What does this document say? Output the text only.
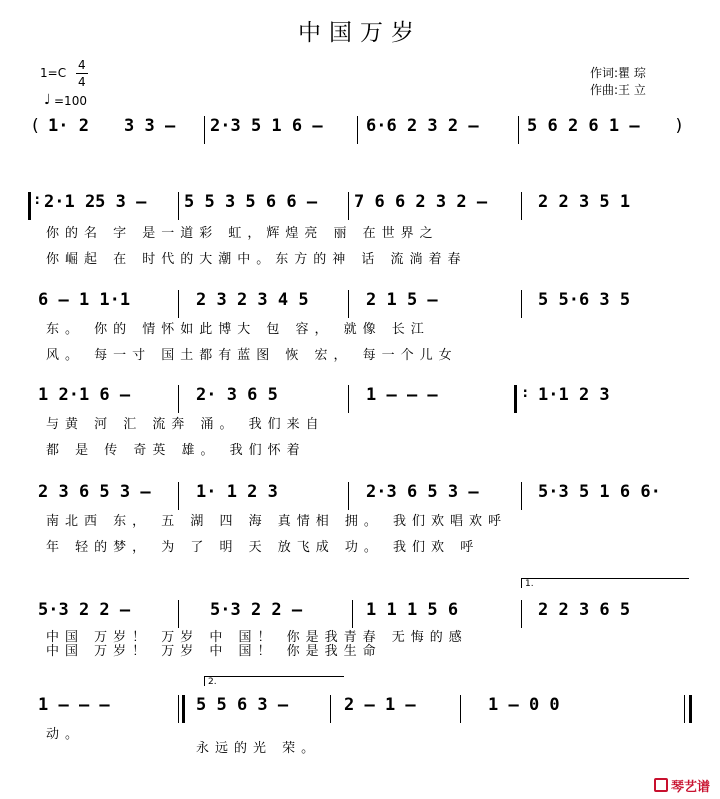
中国万岁
1=C
4
4
♩ =100
作词:瞿 琮
作曲:王 立
( 1· 2 3 3 – 2·3 5 1 6 –	6·6 2 3 2 –	5 6 2 6 1 – )
: 2·1 25 3 – 5 5 3 5 6 6 – 7 6 6 2 3 2 –	2 2 3 5 1
你的名 字 是一道彩 虹，辉煌亮 丽 在世界之
你崛起 在 时代的大潮中。东方的神 话 流淌着春
6 – 1 1·1	2 3 2 3 4 5	2 1 5 –	5 5·6 3 5
东。 你的 情怀如此博大 包 容， 就像 长江
风。 每一寸 国土都有蓝图 恢 宏， 每一个儿女
1 2·1 6 –	2· 3 6 5	1 – – –	: 1·1 2 3
与黄 河 汇 流奔 涌。 我们来自
都 是 传 奇英 雄。 我们怀着
2 3 6 5 3 –	1· 1 2 3	2·3 6 5 3 –	5·3 5 1 6 6·
南北西 东， 五 湖 四 海 真情相 拥。 我们欢唱欢呼
年 轻的梦， 为 了 明 天 放飞成 功。 我们欢 呼
1.
5·3 2 2 –	5·3 2 2 –	1 1 1 5 6	2 2 3 6 5
中国 万岁！ 万岁 中 国！ 你是我青春 无悔的感
中国 万岁！ 万岁 中 国！ 你是我生命
2.
1 – – –	5 5 6 3 –	2 – 1 –	1 – 0 0
动。
永远的光 荣。
琴艺谱
